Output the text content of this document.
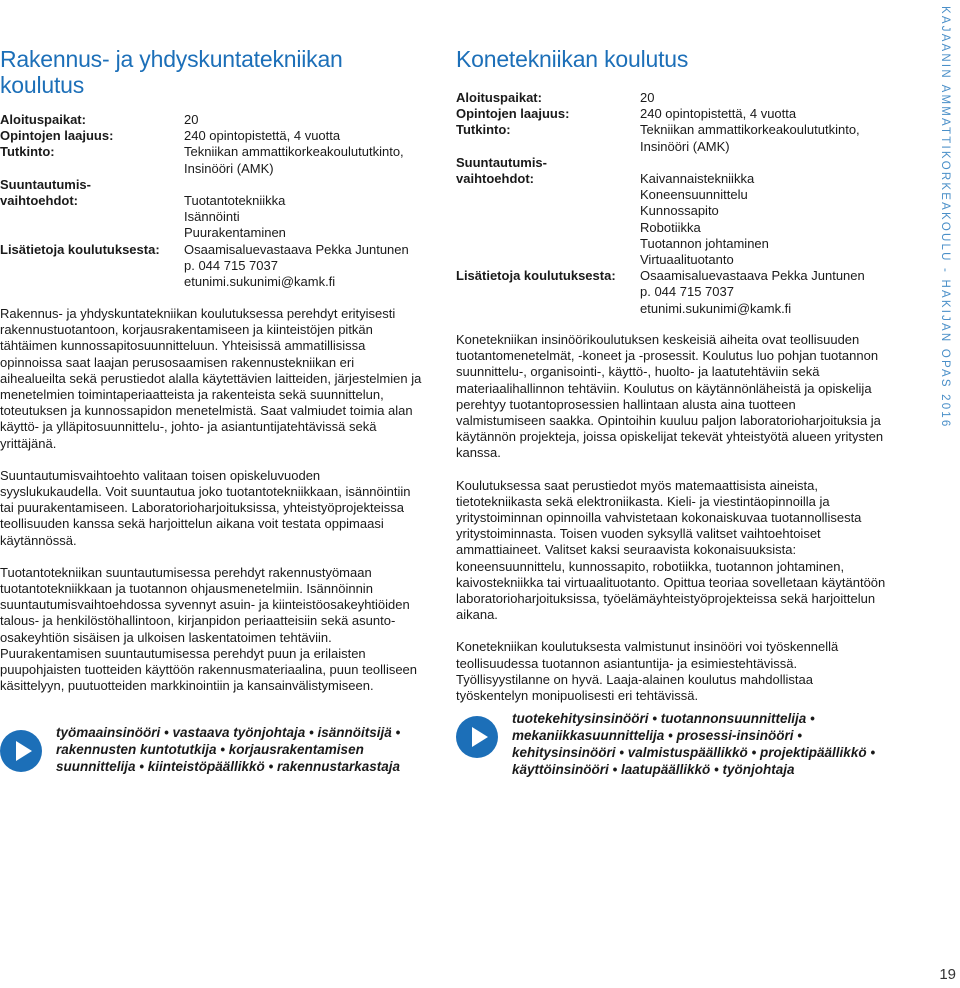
Rakennus- ja yhdyskuntatekniikan koulutus
Aloituspaikat:	20
Opintojen laajuus:	240 opintopistettä, 4 vuotta
Tutkinto:	Tekniikan ammattikorkeakoulututkinto,
Insinööri (AMK)
Suuntautumis-
vaihtoehdot:
	Tuotantotekniikka
Isännöinti
Puurakentaminen
Lisätietoja koulutuksesta:	Osaamisaluevastaava Pekka Juntunen
p. 044 715 7037
etunimi.sukunimi@kamk.fi

Rakennus- ja yhdyskuntatekniikan koulutuksessa perehdyt erityisesti rakennustuotantoon, korjausrakentamiseen ja kiinteistöjen pitkän tähtäimen kunnossapitosuunnitteluun. Yhteisissä ammatillisissa opinnoissa saat laajan perusosaamisen rakennustekniikan eri aihealueilta sekä perustiedot alalla käytettävien laitteiden, järjestelmien ja menetelmien toimintaperiaatteista ja rakenteista sekä suunnittelun, toteutuksen ja kunnossapidon menetelmistä. Saat valmiudet toimia alan käyttö- ja ylläpitosuunnittelu-, johto- ja asiantuntijatehtävissä sekä yrittäjänä.

Suuntautumisvaihtoehto valitaan toisen opiskeluvuoden syyslukukaudella. Voit suuntautua joko tuotantotekniikkaan, isännöintiin tai puurakentamiseen. Laboratorioharjoituksissa, yhteistyöprojekteissa teollisuuden kanssa sekä harjoittelun aikana voit testata oppimaasi käytännössä.

Tuotantotekniikan suuntautumisessa perehdyt rakennustyömaan tuotantotekniikkaan ja tuotannon ohjausmenetelmiin. Isännöinnin suuntautumisvaihtoehdossa syvennyt asuin- ja kiinteistöosakeyhtiöiden talous- ja henkilöstöhallintoon, kirjanpidon periaatteisiin sekä asunto-osakeyhtiön sisäisen ja ulkoisen laskentatoimen tehtäviin. Puurakentamisen suuntautumisessa perehdyt puun ja erilaisten puupohjaisten tuotteiden käyttöön rakennusmateriaalina, puun teolliseen käsittelyyn, puutuotteiden markkinointiin ja kansainvälistymiseen.

työmaainsinööri • vastaava työnjohtaja • isännöitsijä • rakennusten kuntotutkija • korjausrakentamisen suunnittelija • kiinteistöpäällikkö • rakennustarkastaja
Konetekniikan koulutus
Aloituspaikat:	20
Opintojen laajuus:	240 opintopistettä, 4 vuotta
Tutkinto:	Tekniikan ammattikorkeakoulututkinto,
Insinööri (AMK)
Suuntautumis-
vaihtoehdot:
	Kaivannaistekniikka
Koneensuunnittelu
Kunnossapito
Robotiikka
Tuotannon johtaminen
Virtuaalituotanto
Lisätietoja koulutuksesta:	Osaamisaluevastaava Pekka Juntunen
p. 044 715 7037
etunimi.sukunimi@kamk.fi

Konetekniikan insinöörikoulutuksen keskeisiä aiheita ovat teollisuuden tuotantomenetelmät, -koneet ja -prosessit. Koulutus luo pohjan tuotannon suunnittelu-, organisointi-, käyttö-, huolto- ja laatutehtäviin sekä materiaalihallinnon tehtäviin. Koulutus on käytännönläheistä ja opiskelija perehtyy tuotantoprosessien hallintaan alusta aina tuotteen valmistumiseen saakka. Opintoihin kuuluu paljon laboratorioharjoituksia ja käytännön projekteja, joissa opiskelijat tekevät yhteistyötä alueen yritysten kanssa.

Koulutuksessa saat perustiedot myös matemaattisista aineista, tietotekniikasta sekä elektroniikasta. Kieli- ja viestintäopinnoilla ja yritystoiminnan opinnoilla vahvistetaan kokonaiskuvaa tuotannollisesta yritystoiminnasta. Toisen vuoden syksyllä valitset vaihtoehtoiset ammattiaineet. Valitset kaksi seuraavista kokonaisuuksista: koneensuunnittelu, kunnossapito, robotiikka, tuotannon johtaminen, kaivostekniikka tai virtuaalituotanto. Opittua teoriaa sovelletaan käytäntöön laboratorioharjoituksissa, työelämäyhteistyöprojekteissa sekä harjoittelun aikana.

Konetekniikan koulutuksesta valmistunut insinööri voi työskennellä teollisuudessa tuotannon asiantuntija- ja esimiestehtävissä. Työllisyystilanne on hyvä. Laaja-alainen koulutus mahdollistaa työskentelyn monipuolisesti eri tehtävissä.

tuotekehitysinsinööri • tuotannonsuunnittelija • mekaniikkasuunnittelija • prosessi-insinööri • kehitysinsinööri • valmistuspäällikkö • projektipäällikkö • käyttöinsinööri • laatupäällikkö • työnjohtaja
KAJAANIN AMMATTIKORKEAKOULU - HAKIJAN OPAS 2016
19
